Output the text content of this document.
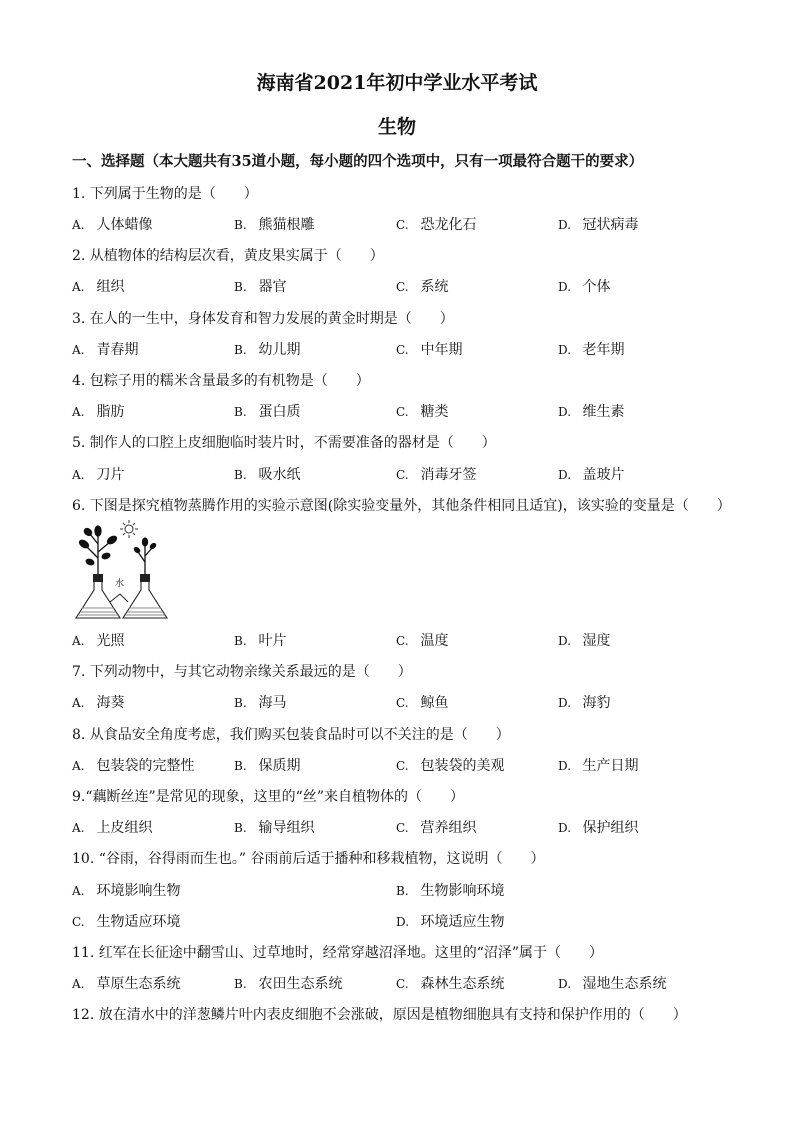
海南省2021年初中学业水平考试
生物
一、选择题（本大题共有35道小题，每小题的四个选项中，只有一项最符合题干的要求）
1. 下列属于生物的是（　　）
A. 人体蜡像	B. 熊猫根雕	C. 恐龙化石	D. 冠状病毒
2. 从植物体的结构层次看，黄皮果实属于（　　）
A. 组织	B. 器官	C. 系统	D. 个体
3. 在人的一生中，身体发育和智力发展的黄金时期是（　　）
A. 青春期	B. 幼儿期	C. 中年期	D. 老年期
4. 包粽子用的糯米含量最多的有机物是（　　）
A. 脂肪	B. 蛋白质	C. 糖类	D. 维生素
5. 制作人的口腔上皮细胞临时装片时，不需要准备的器材是（　　）
A. 刀片	B. 吸水纸	C. 消毒牙签	D. 盖玻片
6. 下图是探究植物蒸腾作用的实验示意图(除实验变量外，其他条件相同且适宜)，该实验的变量是（　　）
水
A. 光照	B. 叶片	C. 温度	D. 湿度
7. 下列动物中，与其它动物亲缘关系最远的是（　　）
A. 海葵	B. 海马	C. 鲸鱼	D. 海豹
8. 从食品安全角度考虑，我们购买包装食品时可以不关注的是（　　）
A. 包装袋的完整性	B. 保质期	C. 包装袋的美观	D. 生产日期
9.“藕断丝连”是常见的现象，这里的“丝”来自植物体的（　　）
A. 上皮组织	B. 输导组织	C. 营养组织	D. 保护组织
10. “谷雨，谷得雨而生也。” 谷雨前后适于播种和移栽植物，这说明（　　）
A. 环境影响生物	B. 生物影响环境
C. 生物适应环境	D. 环境适应生物
11. 红军在长征途中翻雪山、过草地时，经常穿越沼泽地。这里的“沼泽”属于（　　）
A. 草原生态系统	B. 农田生态系统	C. 森林生态系统	D. 湿地生态系统
12. 放在清水中的洋葱鳞片叶内表皮细胞不会涨破，原因是植物细胞具有支持和保护作用的（　　）
